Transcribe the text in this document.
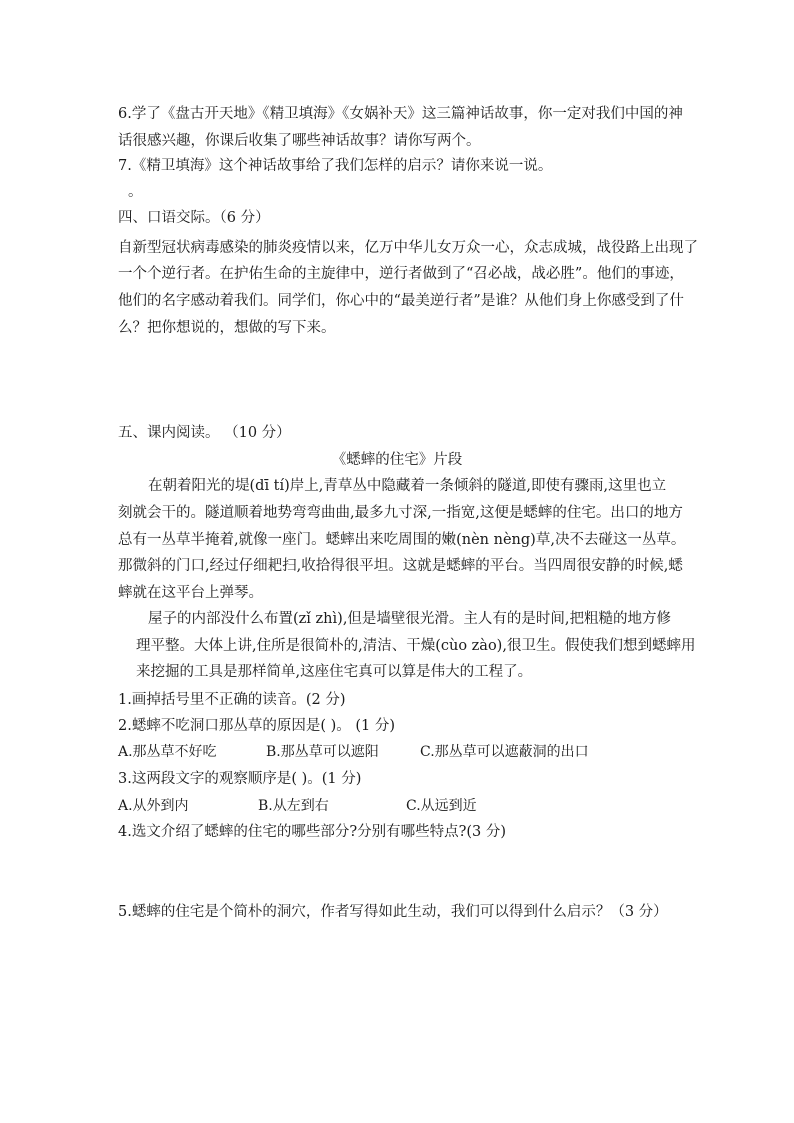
6.学了《盘古开天地》《精卫填海》《女娲补天》这三篇神话故事，你一定对我们中国的神
话很感兴趣，你课后收集了哪些神话故事？请你写两个。
7.《精卫填海》这个神话故事给了我们怎样的启示？请你来说一说。
。
四、口语交际。（6 分）
自新型冠状病毒感染的肺炎疫情以来，亿万中华儿女万众一心，众志成城，战役路上出现了
一个个逆行者。在护佑生命的主旋律中，逆行者做到了“召必战，战必胜”。他们的事迹，
他们的名字感动着我们。同学们，你心中的“最美逆行者”是谁？从他们身上你感受到了什
么？把你想说的，想做的写下来。
五、课内阅读。 （10 分）
《蟋蟀的住宅》片段
在朝着阳光的堤(dī tí)岸上,青草丛中隐藏着一条倾斜的隧道,即使有骤雨,这里也立
刻就会干的。隧道顺着地势弯弯曲曲,最多九寸深,一指宽,这便是蟋蟀的住宅。出口的地方
总有一丛草半掩着,就像一座门。蟋蟀出来吃周围的嫩(nèn nèng)草,决不去碰这一丛草。
那微斜的门口,经过仔细耙扫,收拾得很平坦。这就是蟋蟀的平台。当四周很安静的时候,蟋
蟀就在这平台上弹琴。
屋子的内部没什么布置(zǐ zhì),但是墙壁很光滑。主人有的是时间,把粗糙的地方修
理平整。大体上讲,住所是很简朴的,清洁、干燥(cùo zào),很卫生。假使我们想到蟋蟀用
来挖掘的工具是那样简单,这座住宅真可以算是伟大的工程了。
1.画掉括号里不正确的读音。(2 分)
2.蟋蟀不吃洞口那丛草的原因是( )。 (1 分)
A.那丛草不好吃	B.那丛草可以遮阳	C.那丛草可以遮蔽洞的出口
3.这两段文字的观察顺序是( )。(1 分)
A.从外到内	B.从左到右	C.从远到近
4.选文介绍了蟋蟀的住宅的哪些部分?分别有哪些特点?(3 分)
5.蟋蟀的住宅是个简朴的洞穴，作者写得如此生动，我们可以得到什么启示？（3 分）
